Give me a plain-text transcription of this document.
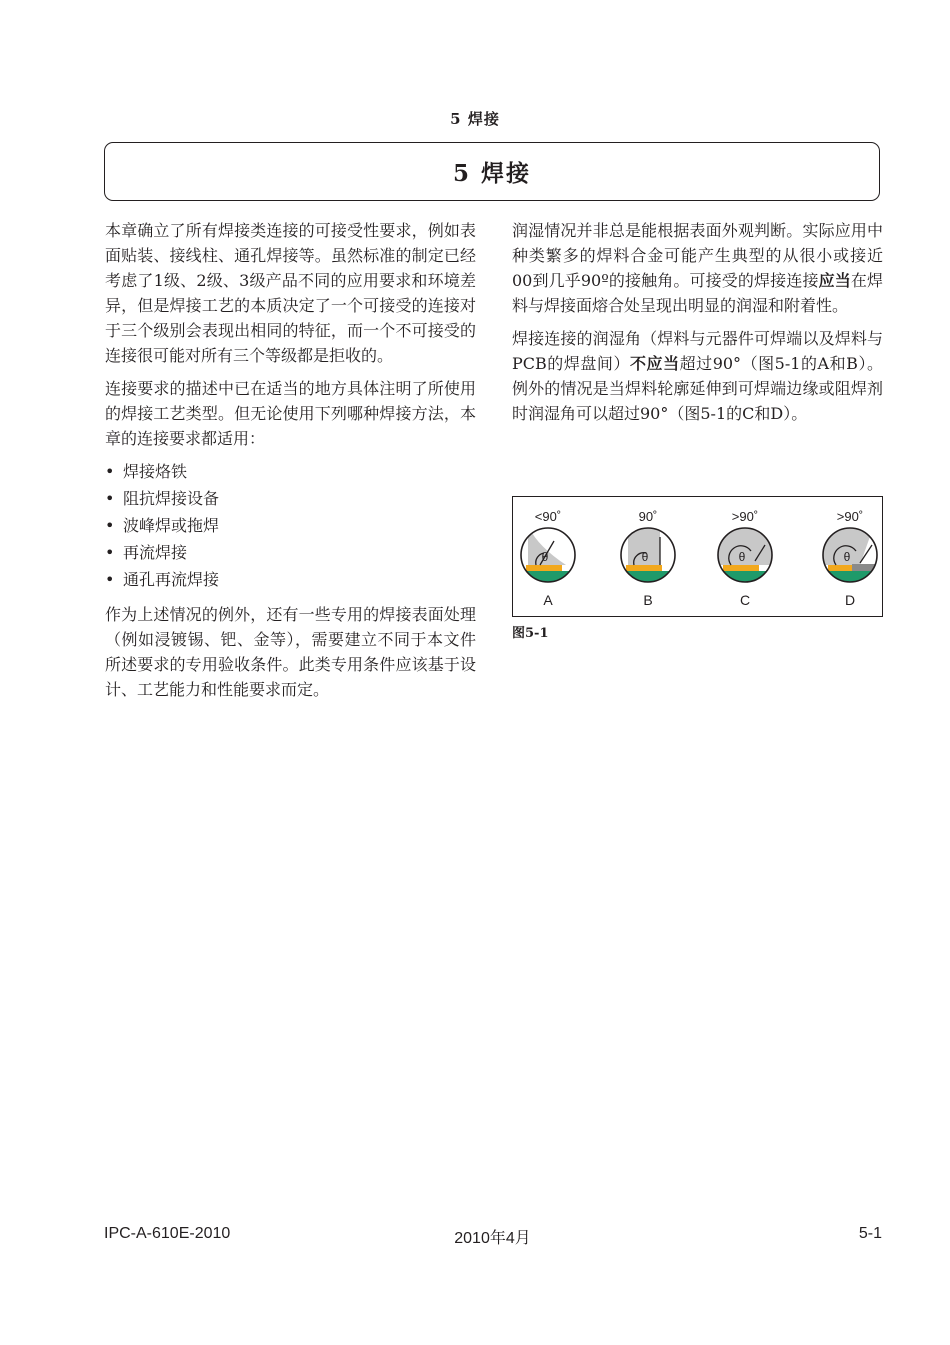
5 焊接
5 焊接

本章确立了所有焊接类连接的可接受性要求，例如表面贴装、接线柱、通孔焊接等。虽然标准的制定已经考虑了1级、2级、3级产品不同的应用要求和环境差异，但是焊接工艺的本质决定了一个可接受的连接对于三个级别会表现出相同的特征，而一个不可接受的连接很可能对所有三个等级都是拒收的。

连接要求的描述中已在适当的地方具体注明了所使用的焊接工艺类型。但无论使用下列哪种焊接方法，本章的连接要求都适用：

• 焊接烙铁
• 阻抗焊接设备
• 波峰焊或拖焊
• 再流焊接
• 通孔再流焊接

作为上述情况的例外，还有一些专用的焊接表面处理（例如浸镀锡、钯、金等），需要建立不同于本文件所述要求的专用验收条件。此类专用条件应该基于设计、工艺能力和性能要求而定。

润湿情况并非总是能根据表面外观判断。实际应用中种类繁多的焊料合金可能产生典型的从很小或接近00到几乎90º的接触角。可接受的焊接连接应当在焊料与焊接面熔合处呈现出明显的润湿和附着性。

焊接连接的润湿角（焊料与元器件可焊端以及焊料与PCB的焊盘间）不应当超过90°（图5-1的A和B）。例外的情况是当焊料轮廓延伸到可焊端边缘或阻焊剂时润湿角可以超过90°（图5-1的C和D）。

<90˚
θ
A
90˚
θ
B
>90˚
θ
C
>90˚
θ
D
图5-1
IPC-A-610E-2010	2010年4月	5-1
